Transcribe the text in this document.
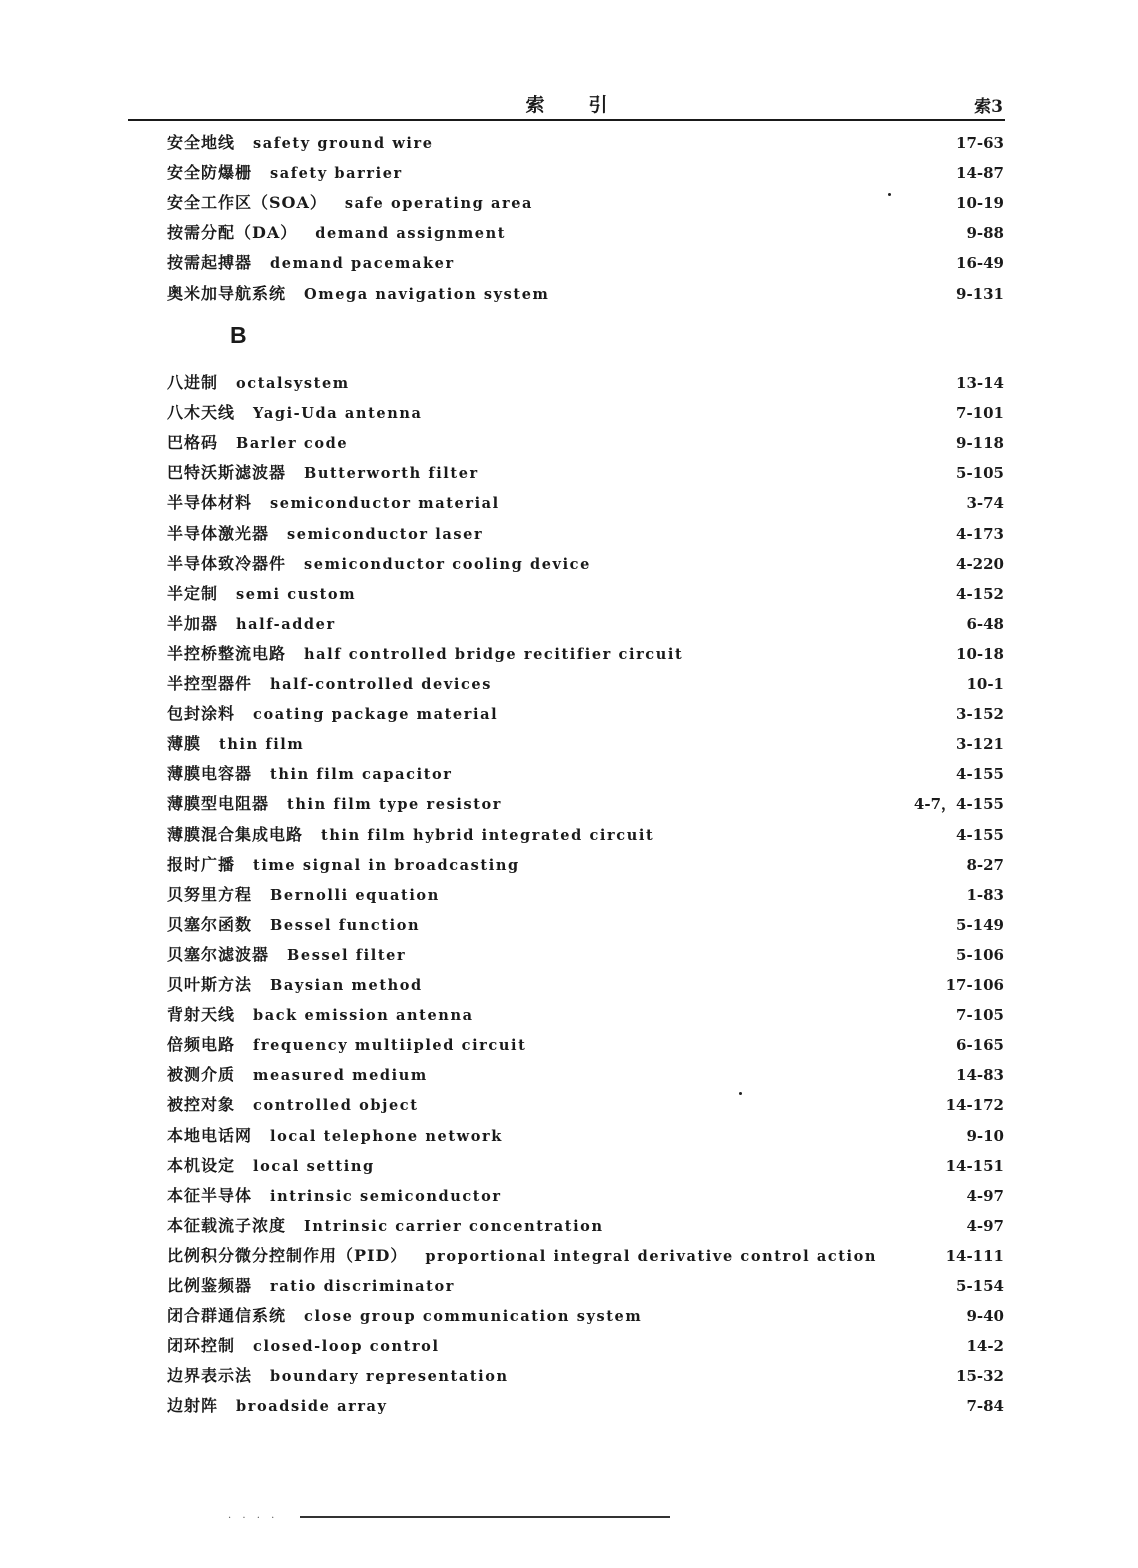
索引	索3
安全地线 safety ground wire	17-63
安全防爆栅 safety barrier	14-87
安全工作区（SOA） safe operating area	10-19
按需分配（DA） demand assignment	9-88
按需起搏器 demand pacemaker	16-49
奥米加导航系统 Omega navigation system	9-131
B
八进制 octalsystem	13-14
八木天线 Yagi-Uda antenna	7-101
巴格码 Barler code	9-118
巴特沃斯滤波器 Butterworth filter	5-105
半导体材料 semiconductor material	3-74
半导体激光器 semiconductor laser	4-173
半导体致冷器件 semiconductor cooling device	4-220
半定制 semi custom	4-152
半加器 half-adder	6-48
半控桥整流电路 half controlled bridge recitifier circuit	10-18
半控型器件 half-controlled devices	10-1
包封涂料 coating package material	3-152
薄膜 thin film	3-121
薄膜电容器 thin film capacitor	4-155
薄膜型电阻器 thin film type resistor	4-7，4-155
薄膜混合集成电路 thin film hybrid integrated circuit	4-155
报时广播 time signal in broadcasting	8-27
贝努里方程 Bernolli equation	1-83
贝塞尔函数 Bessel function	5-149
贝塞尔滤波器 Bessel filter	5-106
贝叶斯方法 Baysian method	17-106
背射天线 back emission antenna	7-105
倍频电路 frequency multiipled circuit	6-165
被测介质 measured medium	14-83
被控对象 controlled object	14-172
本地电话网 local telephone network	9-10
本机设定 local setting	14-151
本征半导体 intrinsic semiconductor	4-97
本征载流子浓度 Intrinsic carrier concentration	4-97
比例积分微分控制作用（PID） proportional integral derivative control action	14-111
比例鉴频器 ratio discriminator	5-154
闭合群通信系统 close group communication system	9-40
闭环控制 closed-loop control	14-2
边界表示法 boundary representation	15-32
边射阵 broadside array	7-84
. . . .
